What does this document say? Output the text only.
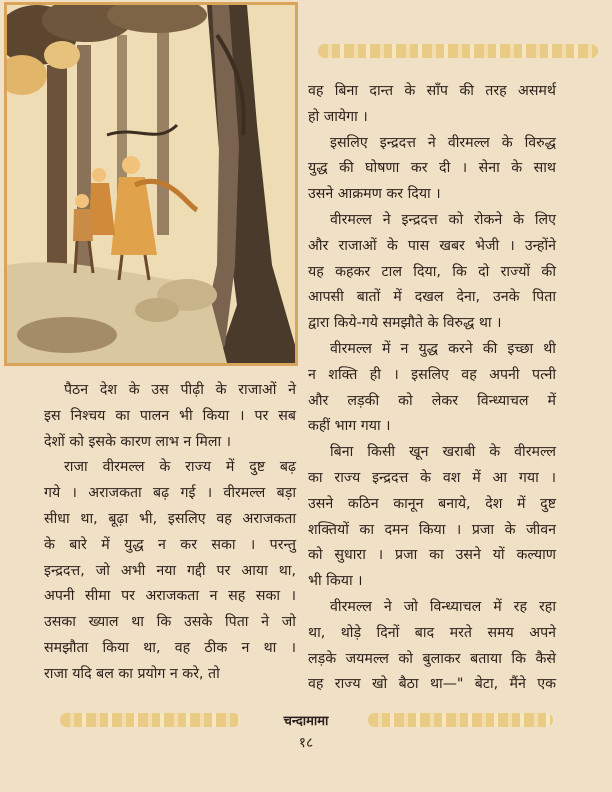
वह बिना दान्त के साँप की तरह असमर्थ
हो जायेगा ।

इसलिए इन्द्रदत्त ने वीरमल्ल के विरुद्ध

युद्ध की घोषणा कर दी । सेना के साथ
उसने आक्रमण कर दिया ।

वीरमल्ल ने इन्द्रदत्त को रोकने के लिए
और राजाओं के पास खबर भेजी । उन्होंने
यह कहकर टाल दिया, कि दो राज्यों की
आपसी बातों में दखल देना, उनके पिता
द्वारा किये-गये समझौते के विरुद्ध था ।

वीरमल्ल में न युद्ध करने की इच्छा थी
न शक्ति ही । इसलिए वह अपनी पत्नी
और लड़की को लेकर विन्ध्याचल में
कहीं भाग गया ।

बिना किसी खून खराबी के वीरमल्ल
का राज्य इन्द्रदत्त के वश में आ गया ।
उसने कठिन कानून बनाये, देश में दुष्ट
शक्तियों का दमन किया । प्रजा के जीवन
को सुधारा । प्रजा का उसने यों कल्याण
भी किया ।

वीरमल्ल ने जो विन्ध्याचल में रह रहा
था, थोड़े दिनों बाद मरते समय अपने
लड़के जयमल्ल को बुलाकर बताया कि कैसे
वह राज्य खो बैठा था—" बेटा, मैंने एक

पैठन देश के उस पीढ़ी के राजाओं ने
इस निश्चय का पालन भी किया । पर सब
देशों को इसके कारण लाभ न मिला ।

राजा वीरमल्ल के राज्य में दुष्ट बढ़
गये । अराजकता बढ़ गई । वीरमल्ल बड़ा
सीधा था, बूढ़ा भी, इसलिए वह अराजकता
के बारे में युद्ध न कर सका । परन्तु
इन्द्रदत्त, जो अभी नया गद्दी पर आया था,
अपनी सीमा पर अराजकता न सह सका ।
उसका ख्याल था कि उसके पिता ने जो
समझौता किया था, वह ठीक न था ।
राजा यदि बल का प्रयोग न करे, तो

चन्दामामा
१८
